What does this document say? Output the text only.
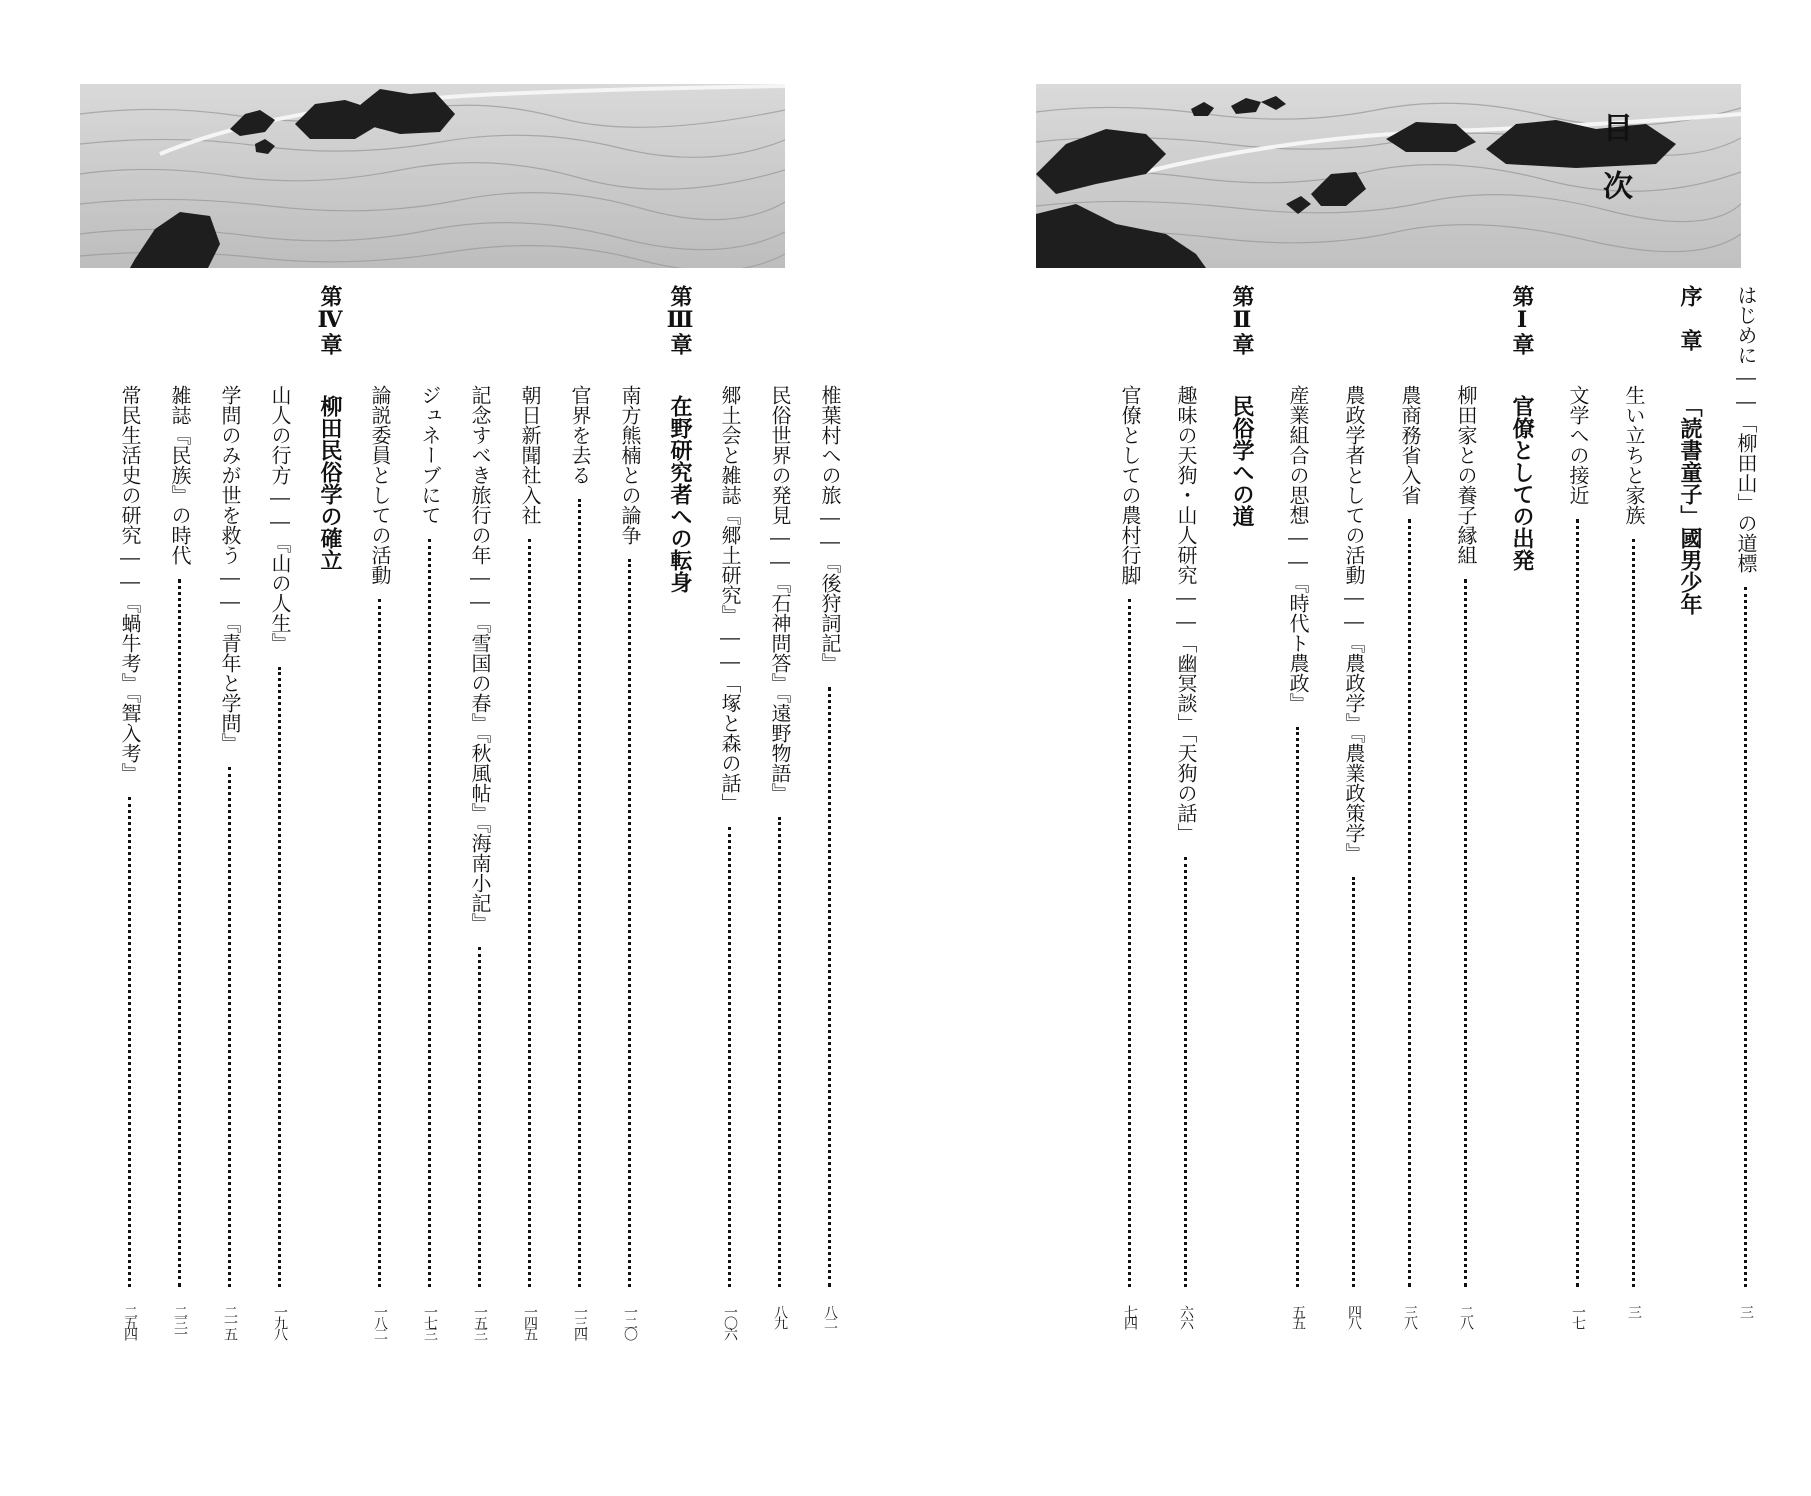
椎葉村への旅――『後狩詞記』
八二
民俗世界の発見――『石神問答』『遠野物語』
八九
郷土会と雑誌『郷土研究』――「塚と森の話」
一〇六
第Ⅲ章
在野研究者への転身
南方熊楠との論争
一二〇
官界を去る
一三四
朝日新聞社入社
一四五
記念すべき旅行の年――『雪国の春』『秋風帖』『海南小記』
一五三
ジュネーブにて
一七三
論説委員としての活動
一八二
第Ⅳ章
柳田民俗学の確立
山人の行方――『山の人生』
一九八
学問のみが世を救う――『青年と学問』
二一五
雑誌『民族』の時代
二三一
常民生活史の研究――『蝸牛考』『聟入考』
二五四
目次
はじめに――「柳田山」の道標
三
序　章
「読書童子」國男少年
生い立ちと家族
三
文学への接近
一七
第Ⅰ章
官僚としての出発
柳田家との養子縁組
二八
農商務省入省
三八
農政学者としての活動――『農政学』『農業政策学』
四八
産業組合の思想――『時代ト農政』
五五
第Ⅱ章
民俗学への道
趣味の天狗・山人研究――「幽冥談」「天狗の話」
六六
官僚としての農村行脚
七四
